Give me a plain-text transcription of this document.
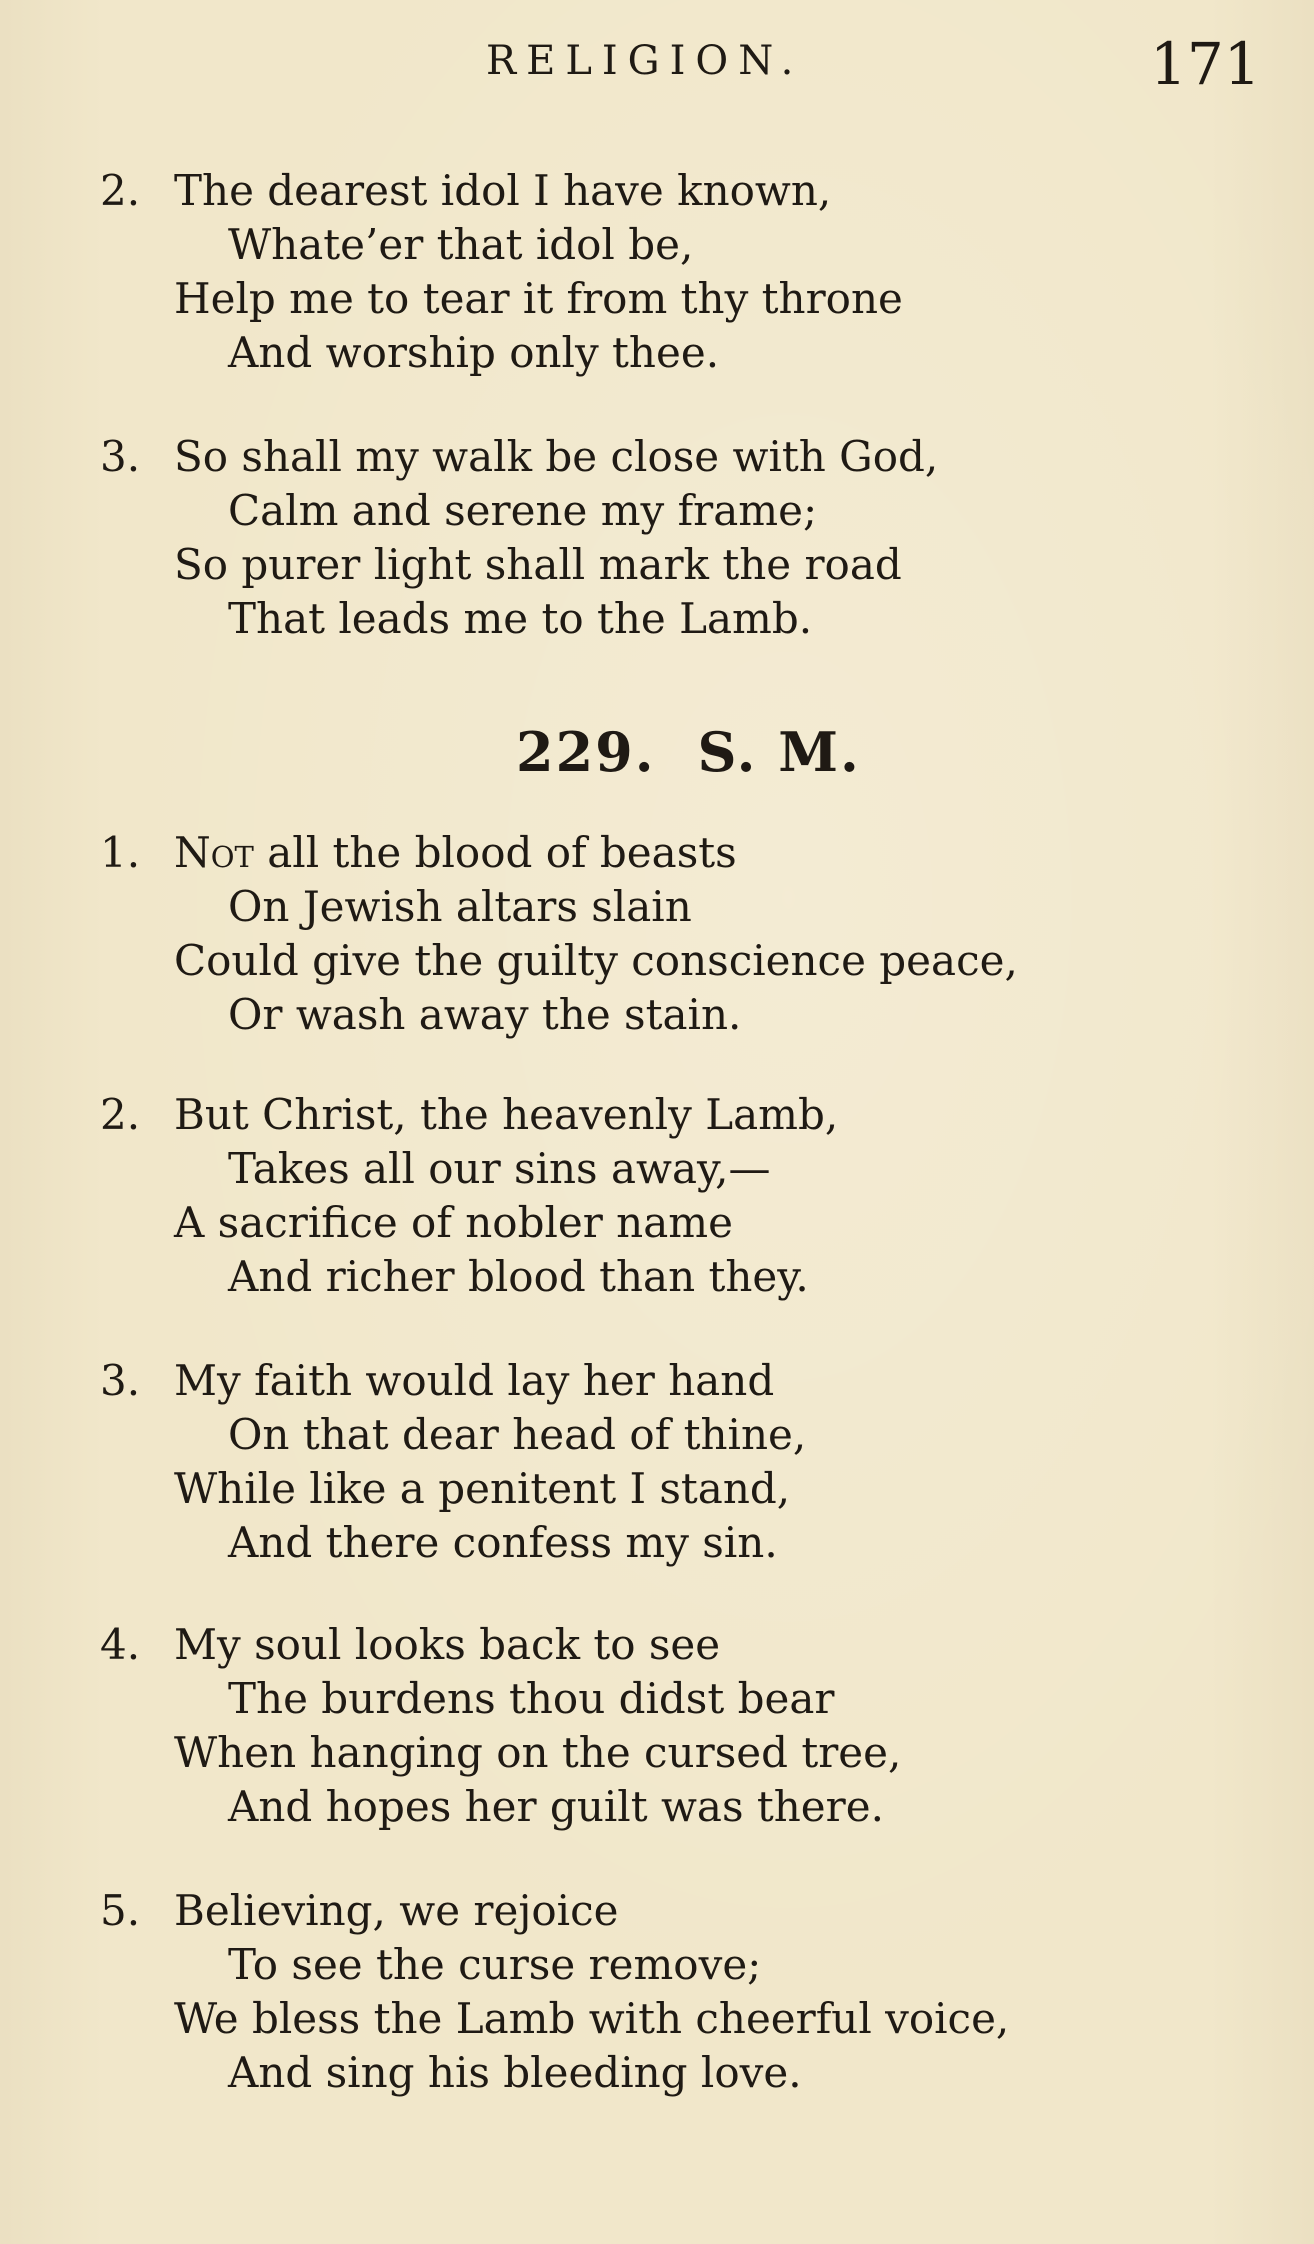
RELIGION.	171
2. The dearest idol I have known,
Whate’er that idol be,
Help me to tear it from thy throne
And worship only thee.
3. So shall my walk be close with God,
Calm and serene my frame;
So purer light shall mark the road
That leads me to the Lamb.
229. S. M.
1. Not all the blood of beasts
On Jewish altars slain
Could give the guilty conscience peace,
Or wash away the stain.
2. But Christ, the heavenly Lamb,
Takes all our sins away,—
A sacrifice of nobler name
And richer blood than they.
3. My faith would lay her hand
On that dear head of thine,
While like a penitent I stand,
And there confess my sin.
4. My soul looks back to see
The burdens thou didst bear
When hanging on the cursed tree,
And hopes her guilt was there.
5. Believing, we rejoice
To see the curse remove;
We bless the Lamb with cheerful voice,
And sing his bleeding love.
